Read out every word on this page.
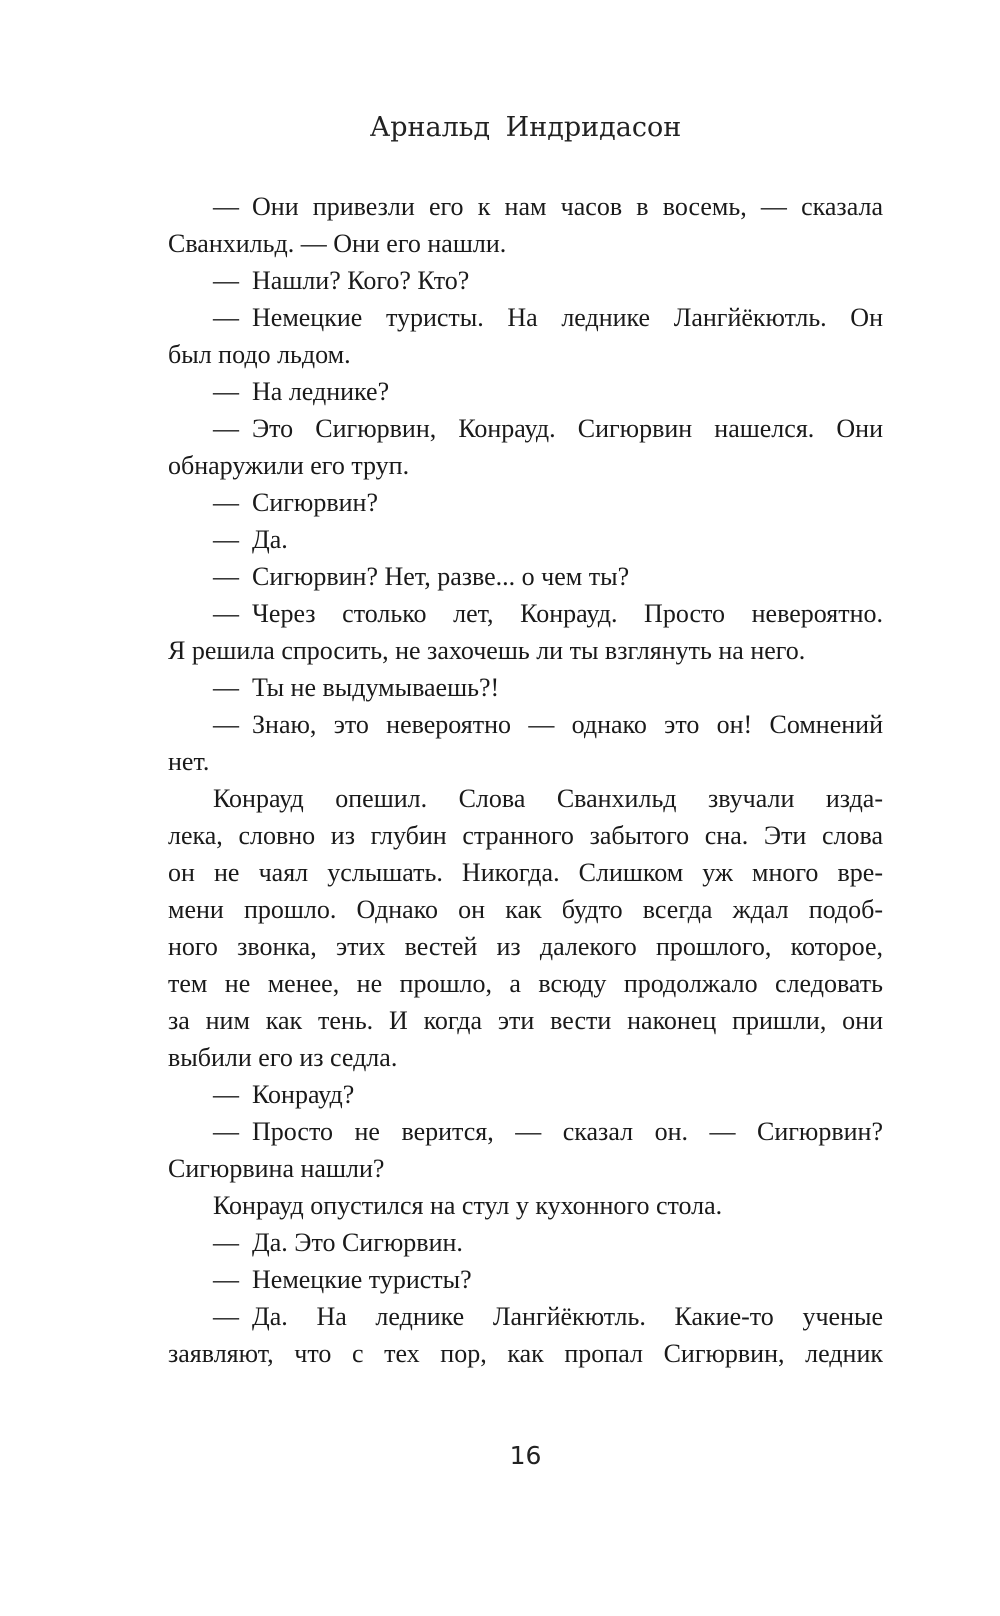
Арнальд Индридасон
— Они привезли его к нам часов в восемь, — сказала
Сванхильд. — Они его нашли.
— Нашли? Кого? Кто?
— Немецкие туристы. На леднике Лангйёкютль. Он
был подо льдом.
— На леднике?
— Это Сигюрвин, Конрауд. Сигюрвин нашелся. Они
обнаружили его труп.
— Сигюрвин?
— Да.
— Сигюрвин? Нет, разве... о чем ты?
— Через столько лет, Конрауд. Просто невероятно.
Я решила спросить, не захочешь ли ты взглянуть на него.
— Ты не выдумываешь?!
— Знаю, это невероятно — однако это он! Сомнений
нет.
Конрауд опешил. Слова Сванхильд звучали изда-
лека, словно из глубин странного забытого сна. Эти слова
он не чаял услышать. Никогда. Слишком уж много вре-
мени прошло. Однако он как будто всегда ждал подоб-
ного звонка, этих вестей из далекого прошлого, которое,
тем не менее, не прошло, а всюду продолжало следовать
за ним как тень. И когда эти вести наконец пришли, они
выбили его из седла.
— Конрауд?
— Просто не верится, — сказал он. — Сигюрвин?
Сигюрвина нашли?
Конрауд опустился на стул у кухонного стола.
— Да. Это Сигюрвин.
— Немецкие туристы?
— Да. На леднике Лангйёкютль. Какие-то ученые
заявляют, что с тех пор, как пропал Сигюрвин, ледник
16
